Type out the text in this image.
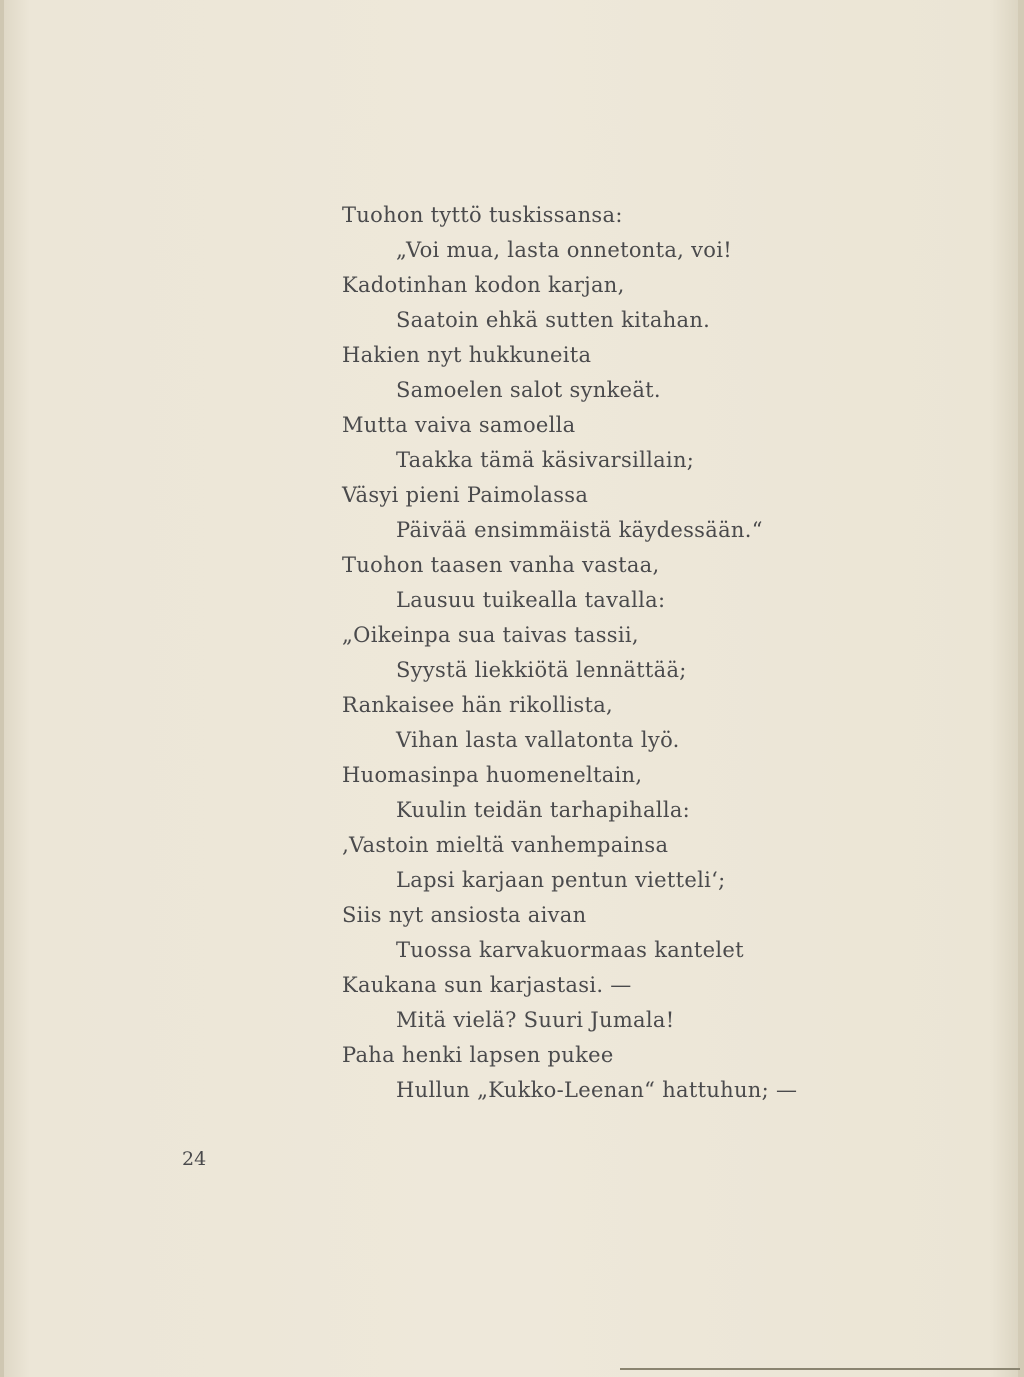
Tuohon tyttö tuskissansa:
„Voi mua, lasta onnetonta, voi!
Kadotinhan kodon karjan,
Saatoin ehkä sutten kitahan.
Hakien nyt hukkuneita
Samoelen salot synkeät.
Mutta vaiva samoella
Taakka tämä käsivarsillain;
Väsyi pieni Paimolassa
Päivää ensimmäistä käydessään.“
Tuohon taasen vanha vastaa,
Lausuu tuikealla tavalla:
„Oikeinpa sua taivas tassii,
Syystä liekkiötä lennättää;
Rankaisee hän rikollista,
Vihan lasta vallatonta lyö.
Huomasinpa huomeneltain,
Kuulin teidän tarhapihalla:
‚Vastoin mieltä vanhempainsa
Lapsi karjaan pentun vietteli‘;
Siis nyt ansiosta aivan
Tuossa karvakuormaas kantelet
Kaukana sun karjastasi. —
Mitä vielä? Suuri Jumala!
Paha henki lapsen pukee
Hullun „Kukko-Leenan“ hattuhun; —
24
